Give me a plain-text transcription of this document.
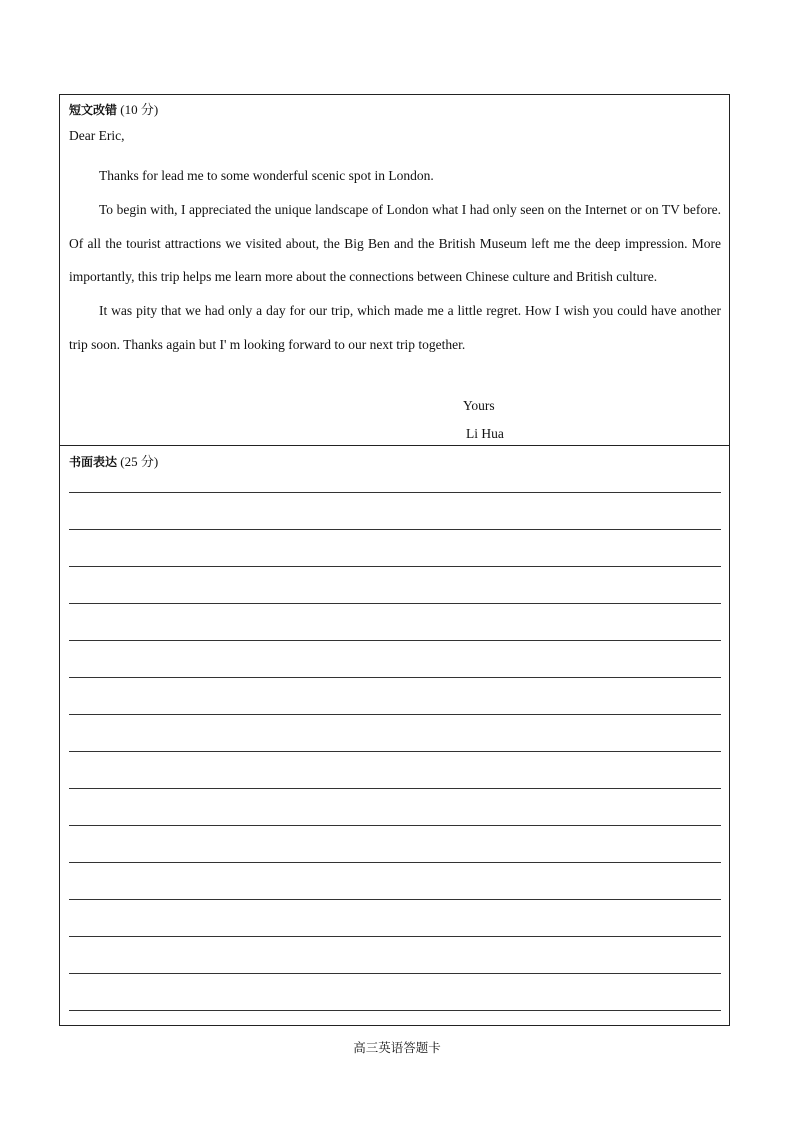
短文改错 (10 分)

Dear Eric,

Thanks for lead me to some wonderful scenic spot in London.

To begin with, I appreciated the unique landscape of London what I had only seen on the Internet or on TV before. Of all the tourist attractions we visited about, the Big Ben and the British Museum left me the deep impression. More importantly, this trip helps me learn more about the connections between Chinese culture and British culture.

It was pity that we had only a day for our trip, which made me a little regret. How I wish you could have another trip soon. Thanks again but I' m looking forward to our next trip together.

Yours
Li Hua
书面表达 (25 分)
高三英语答题卡
